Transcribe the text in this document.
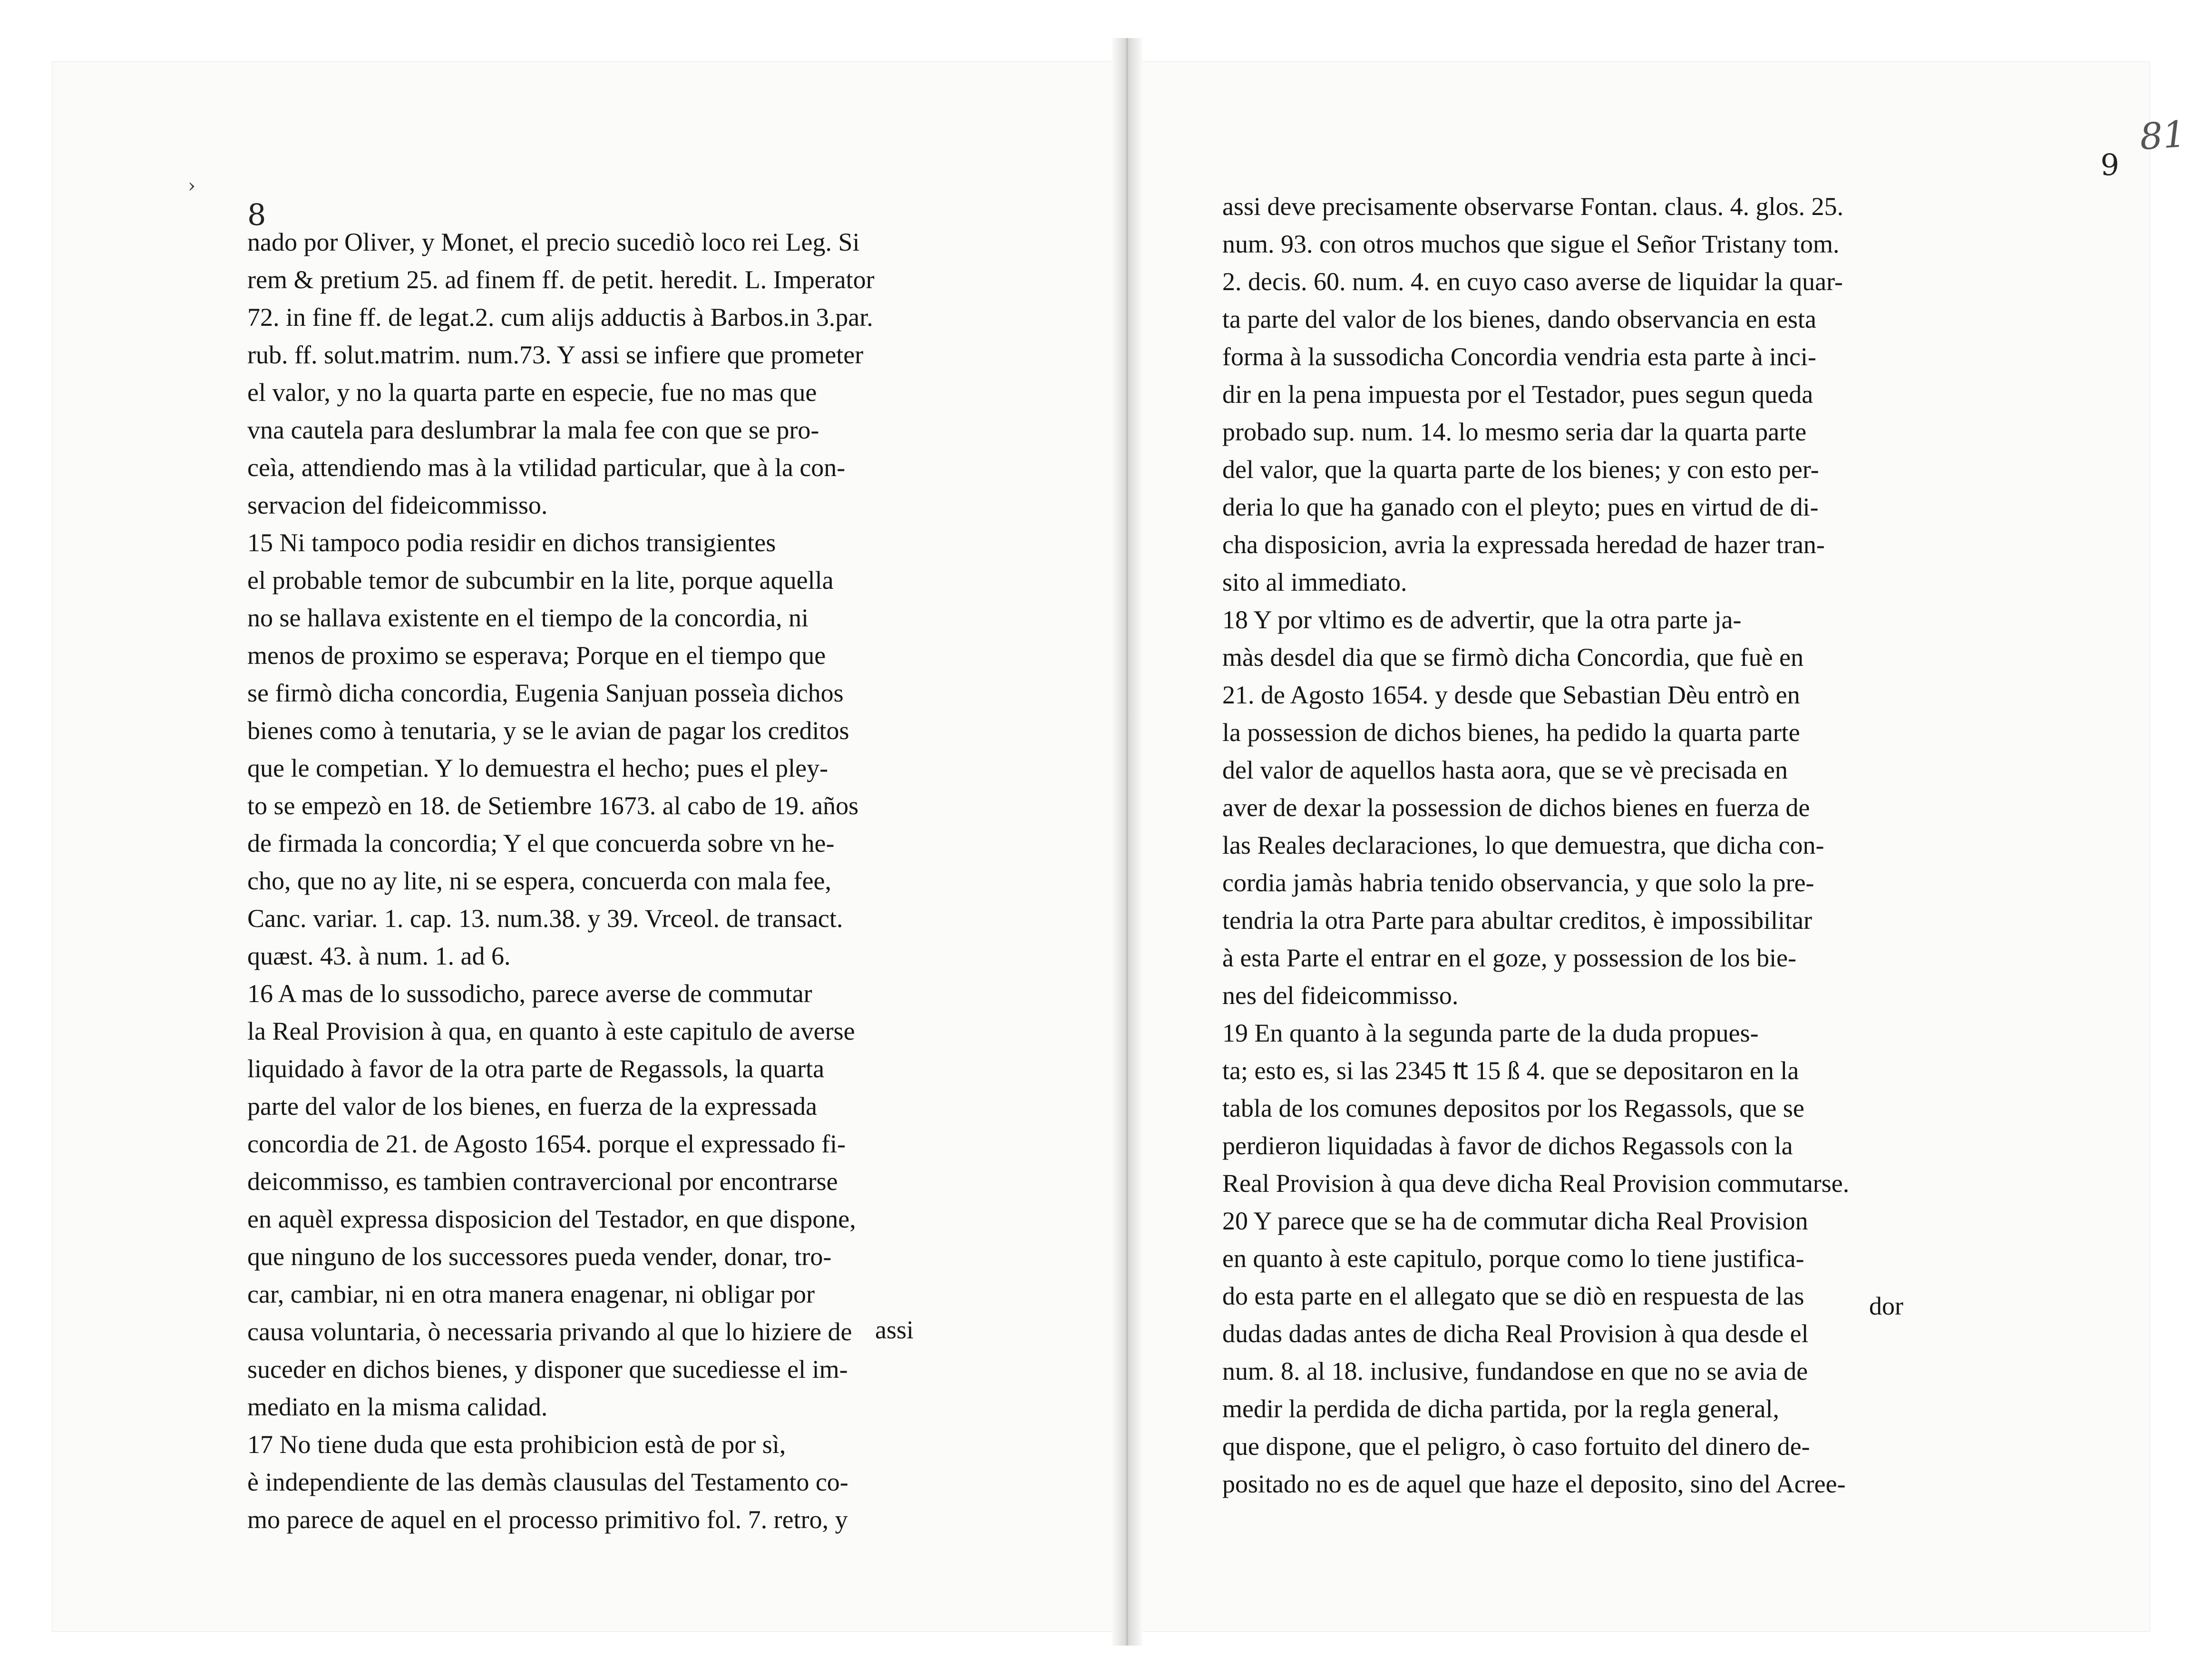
›
8
nado por Oliver, y Monet, el precio sucediò loco rei Leg. Si
rem & pretium 25. ad finem ff. de petit. heredit. L. Imperator
72. in fine ff. de legat.2. cum alijs adductis à Barbos.in 3.par.
rub. ff. solut.matrim. num.73. Y assi se infiere que prometer
el valor, y no la quarta parte en especie, fue no mas que
vna cautela para deslumbrar la mala fee con que se pro-
ceìa, attendiendo mas à la vtilidad particular, que à la con-
servacion del fideicommisso.
15 Ni tampoco podia residir en dichos transigientes
el probable temor de subcumbir en la lite, porque aquella
no se hallava existente en el tiempo de la concordia, ni
menos de proximo se esperava; Porque en el tiempo que
se firmò dicha concordia, Eugenia Sanjuan posseìa dichos
bienes como à tenutaria, y se le avian de pagar los creditos
que le competian. Y lo demuestra el hecho; pues el pley-
to se empezò en 18. de Setiembre 1673. al cabo de 19. años
de firmada la concordia; Y el que concuerda sobre vn he-
cho, que no ay lite, ni se espera, concuerda con mala fee,
Canc. variar. 1. cap. 13. num.38. y 39. Vrceol. de transact.
quæst. 43. à num. 1. ad 6.
16 A mas de lo sussodicho, parece averse de commutar
la Real Provision à qua, en quanto à este capitulo de averse
liquidado à favor de la otra parte de Regassols, la quarta
parte del valor de los bienes, en fuerza de la expressada
concordia de 21. de Agosto 1654. porque el expressado fi-
deicommisso, es tambien contravercional por encontrarse
en aquèl expressa disposicion del Testador, en que dispone,
que ninguno de los successores pueda vender, donar, tro-
car, cambiar, ni en otra manera enagenar, ni obligar por
causa voluntaria, ò necessaria privando al que lo hiziere de
suceder en dichos bienes, y disponer que sucediesse el im-
mediato en la misma calidad.
17 No tiene duda que esta prohibicion està de por sì,
è independiente de las demàs clausulas del Testamento co-
mo parece de aquel en el processo primitivo fol. 7. retro, y
assi
81
9
assi deve precisamente observarse Fontan. claus. 4. glos. 25.
num. 93. con otros muchos que sigue el Señor Tristany tom.
2. decis. 60. num. 4. en cuyo caso averse de liquidar la quar-
ta parte del valor de los bienes, dando observancia en esta
forma à la sussodicha Concordia vendria esta parte à inci-
dir en la pena impuesta por el Testador, pues segun queda
probado sup. num. 14. lo mesmo seria dar la quarta parte
del valor, que la quarta parte de los bienes; y con esto per-
deria lo que ha ganado con el pleyto; pues en virtud de di-
cha disposicion, avria la expressada heredad de hazer tran-
sito al immediato.
18 Y por vltimo es de advertir, que la otra parte ja-
màs desdel dia que se firmò dicha Concordia, que fuè en
21. de Agosto 1654. y desde que Sebastian Dèu entrò en
la possession de dichos bienes, ha pedido la quarta parte
del valor de aquellos hasta aora, que se vè precisada en
aver de dexar la possession de dichos bienes en fuerza de
las Reales declaraciones, lo que demuestra, que dicha con-
cordia jamàs habria tenido observancia, y que solo la pre-
tendria la otra Parte para abultar creditos, è impossibilitar
à esta Parte el entrar en el goze, y possession de los bie-
nes del fideicommisso.
19 En quanto à la segunda parte de la duda propues-
ta; esto es, si las 2345 ₶ 15 ß 4. que se depositaron en la
tabla de los comunes depositos por los Regassols, que se
perdieron liquidadas à favor de dichos Regassols con la
Real Provision à qua deve dicha Real Provision commutarse.
20 Y parece que se ha de commutar dicha Real Provision
en quanto à este capitulo, porque como lo tiene justifica-
do esta parte en el allegato que se diò en respuesta de las
dudas dadas antes de dicha Real Provision à qua desde el
num. 8. al 18. inclusive, fundandose en que no se avia de
medir la perdida de dicha partida, por la regla general,
que dispone, que el peligro, ò caso fortuito del dinero de-
positado no es de aquel que haze el deposito, sino del Acree-
dor
